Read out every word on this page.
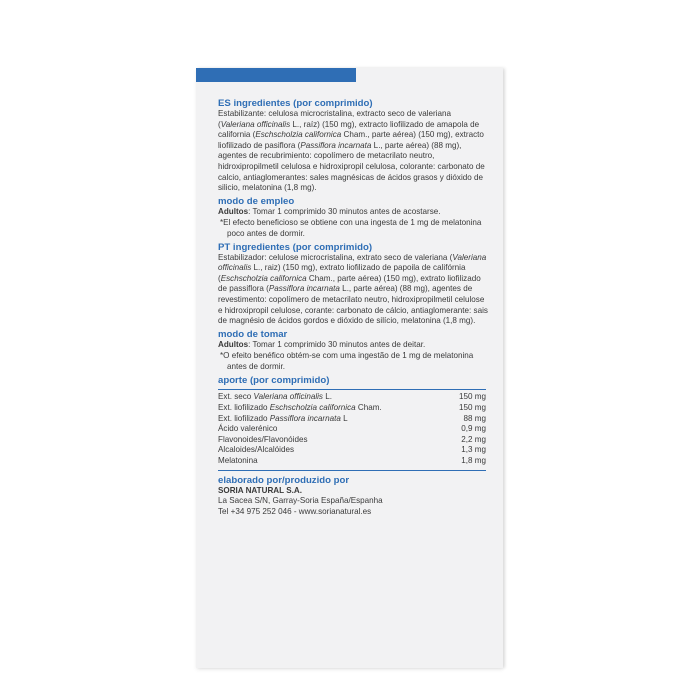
ES ingredientes (por comprimido)

Estabilizante: celulosa microcristalina, extracto seco de valeriana (Valeriana officinalis L., raíz) (150 mg), extracto liofilizado de amapola de california (Eschscholzia californica Cham., parte aérea) (150 mg), extracto liofilizado de pasiflora (Passiflora incarnata L., parte aérea) (88 mg), agentes de recubrimiento: copolímero de metacrilato neutro, hidroxipropilmetil celulosa e hidroxipropil celulosa, colorante: carbonato de calcio, antiaglomerantes: sales magnésicas de ácidos grasos y dióxido de silicio, melatonina (1,8 mg).

modo de empleo

Adultos: Tomar 1 comprimido 30 minutos antes de acostarse.

*El efecto beneficioso se obtiene con una ingesta de 1 mg de melatonina poco antes de dormir.

PT ingredientes (por comprimido)

Estabilizador: celulose microcristalina, extrato seco de valeriana (Valeriana officinalis L., raiz) (150 mg), extrato liofilizado de papoila de califórnia (Eschscholzia californica Cham., parte aérea) (150 mg), extrato liofilizado de passiflora (Passiflora incarnata L., parte aérea) (88 mg), agentes de revestimento: copolímero de metacrilato neutro, hidroxipropilmetil celulose e hidroxipropil celulose, corante: carbonato de cálcio, antiaglomerante: sais de magnésio de ácidos gordos e dióxido de silício, melatonina (1,8 mg).

modo de tomar

Adultos: Tomar 1 comprimido 30 minutos antes de deitar.

*O efeito benéfico obtém-se com uma ingestão de 1 mg de melatonina antes de dormir.

aporte (por comprimido)
Ext. seco Valeriana officinalis L.	150 mg
Ext. liofilizado Eschscholzia californica Cham.	150 mg
Ext. liofilizado Passiflora incarnata L	88 mg
Ácido valerénico	0,9 mg
Flavonoides/Flavonóides	2,2 mg
Alcaloides/Alcalóides	1,3 mg
Melatonina	1,8 mg
elaborado por/produzido por

SORIA NATURAL S.A.

La Sacea S/N, Garray-Soria España/Espanha

Tel +34 975 252 046 - www.sorianatural.es
